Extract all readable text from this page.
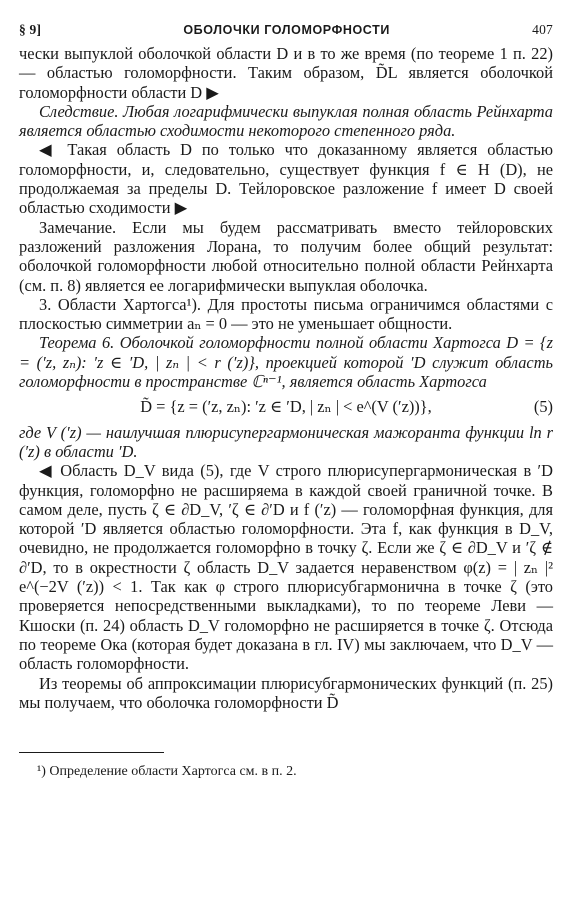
§ 9]	ОБОЛОЧКИ ГОЛОМОРФНОСТИ	407

чески выпуклой оболочкой области D и в то же время (по теореме 1 п. 22) — областью голоморфности. Таким образом, D̃L является оболочкой голоморфности области D ▶

Следствие. Любая логарифмически выпуклая полная область Рейнхарта является областью сходимости некоторого степенного ряда.

◀ Такая область D по только что доказанному является областью голоморфности, и, следовательно, существует функция f ∈ H (D), не продолжаемая за пределы D. Тейлоровское разложение f имеет D своей областью сходимости ▶

Замечание. Если мы будем рассматривать вместо тейлоровских разложений разложения Лорана, то получим более общий результат: оболочкой голоморфности любой относительно полной области Рейнхарта (см. п. 8) является ее логарифмически выпуклая оболочка.

3. Области Хартогса¹). Для простоты письма ограничимся областями с плоскостью симметрии aₙ = 0 — это не уменьшает общности.

Теорема 6. Оболочкой голоморфности полной области Хартогса D = {z = (′z, zₙ): ′z ∈ ′D, | zₙ | < r (′z)}, проекцией которой ′D служит область голоморфности в пространстве ℂⁿ⁻¹, является область Хартогса

D̃ = {z = (′z, zₙ): ′z ∈ ′D, | zₙ | < e^(V (′z))},	(5)

где V (′z) — наилучшая плюрисупергармоническая мажоранта функции ln r (′z) в области ′D.

◀ Область D_V вида (5), где V строго плюрисупергармоническая в ′D функция, голоморфно не расширяема в каждой своей граничной точке. В самом деле, пусть ζ ∈ ∂D_V, ′ζ ∈ ∂′D и f (′z) — голоморфная функция, для которой ′D является областью голоморфности. Эта f, как функция в D_V, очевидно, не продолжается голоморфно в точку ζ. Если же ζ ∈ ∂D_V и ′ζ ∉ ∂′D, то в окрестности ζ область D_V задается неравенством φ(z) = | zₙ |² e^(−2V (′z)) < 1. Так как φ строго плюрисубгармонична в точке ζ (это проверяется непосредственными выкладками), то по теореме Леви — Кшоски (п. 24) область D_V голоморфно не расширяется в точке ζ. Отсюда по теореме Ока (которая будет доказана в гл. IV) мы заключаем, что D_V — область голоморфности.

Из теоремы об аппроксимации плюрисубгармонических функций (п. 25) мы получаем, что оболочка голоморфности D̃

¹) Определение области Хартогса см. в п. 2.
